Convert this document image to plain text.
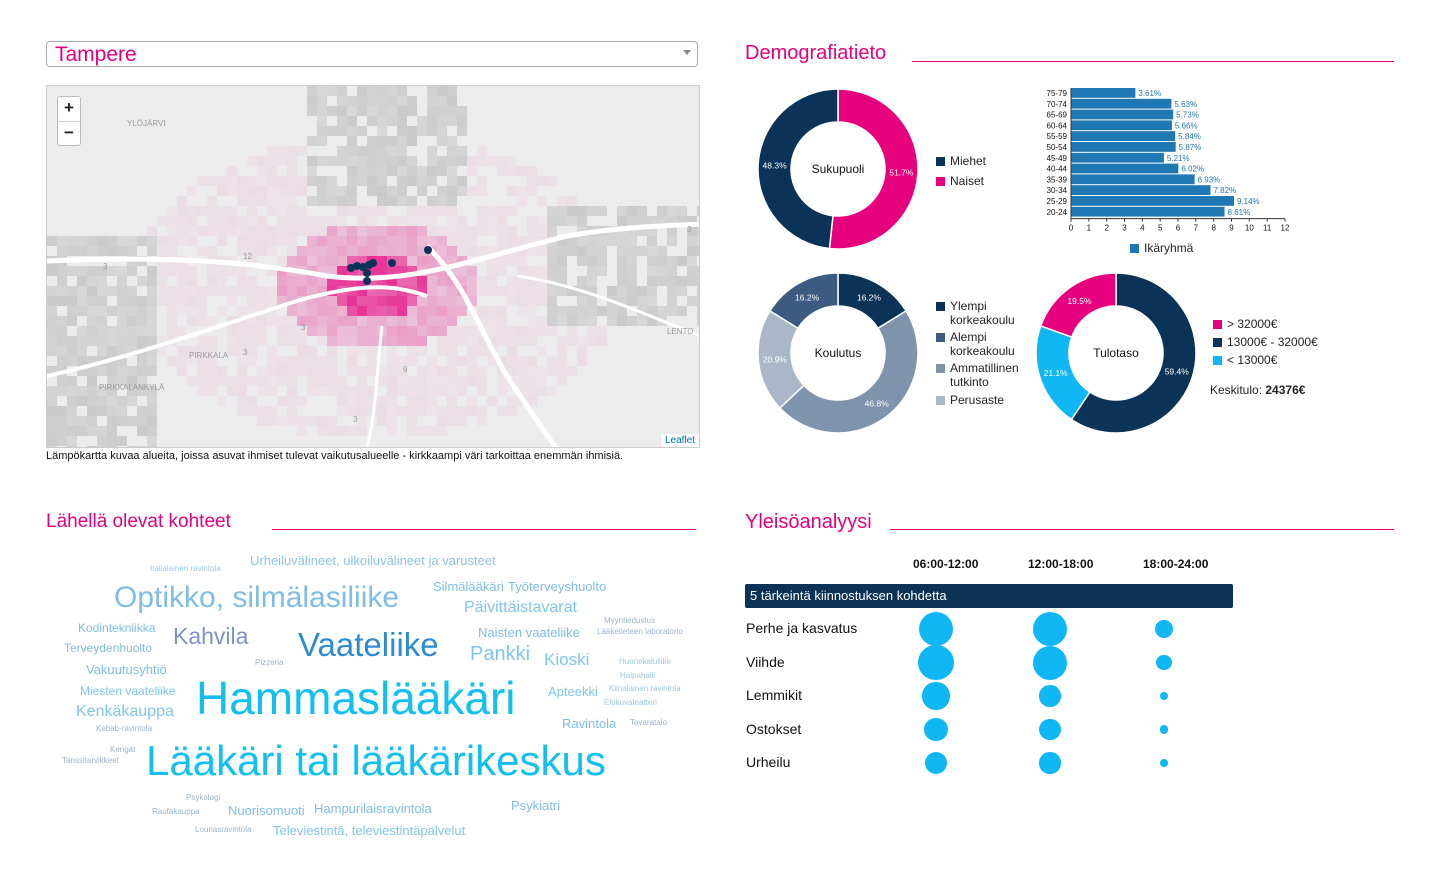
Tampere
YLÖJÄRVI
PIRKKALA
PIRKKALANKYLÄ
LENTO
3
12
3
9
3
3
3
+
−
Leaflet
Lämpökartta kuvaa alueita, joissa asuvat ihmiset tulevat vaikutusalueelle - kirkkaampi väri tarkoittaa enemmän ihmisiä.
Demografiatieto
Lähellä olevat kohteet	Yleisöanalyysi
51.7%
48.3% Sukupuoli
16.2%
46.8%
20.9%
16.2%
Koulutus
59.4%
21.1%
19.5%
Tulotaso
75-79	3.61%
70-74	5.63%
65-69	5.73%
60-64	5.66%
55-59	5.84%
50-54	5.87%
45-49	5.21%
40-44	6.02%
35-39	6.93%
30-34	7.82%
25-29	9.14%
20-24	8.61%
0 1 2 3 4 5 6 7 8 9 10 11 12
Miehet
Naiset
Ylempi
korkeakoulu
Alempi
korkeakoulu
Ammatillinen
tutkinto
Perusaste
> 32000€
13000€ - 32000€
< 13000€
Keskitulo: 24376€
Ikäryhmä
Italialainen ravintola
Urheiluvälineet, ulkoiluvälineet ja varusteet
Optikko, silmälasiliike	Silmälääkäri Työterveyshuolto
Päivittäistavarat
Myyntiedustus
Kodintekniikka Kahvila Vaateliike	Naisten vaateliike Lääketieteen laboratorio
Terveydenhuolto	Pankki Kioski
Vakuutusyhtiö	Pizzeria	Huonekaluliike
Halpahalli
Miesten vaateliike Hammaslääkäri Apteekki Kiinalainen ravintola
Elokuvateatteri
Kenkäkauppa
Kebab-ravintola	Ravintola Tavaratalo
Kengät
Tanssitarvikkeet Lääkäri tai lääkärikeskus
Psykologi
Rautakauppa Nuorisomuoti Hampurilaisravintola	Psykiatri
Lounasravintola Televiestintä, televiestintäpalvelut
06:00-12:00	12:00-18:00	18:00-24:00
5 tärkeintä kiinnostuksen kohdetta
Perhe ja kasvatus
Viihde
Lemmikit
Ostokset
Urheilu
